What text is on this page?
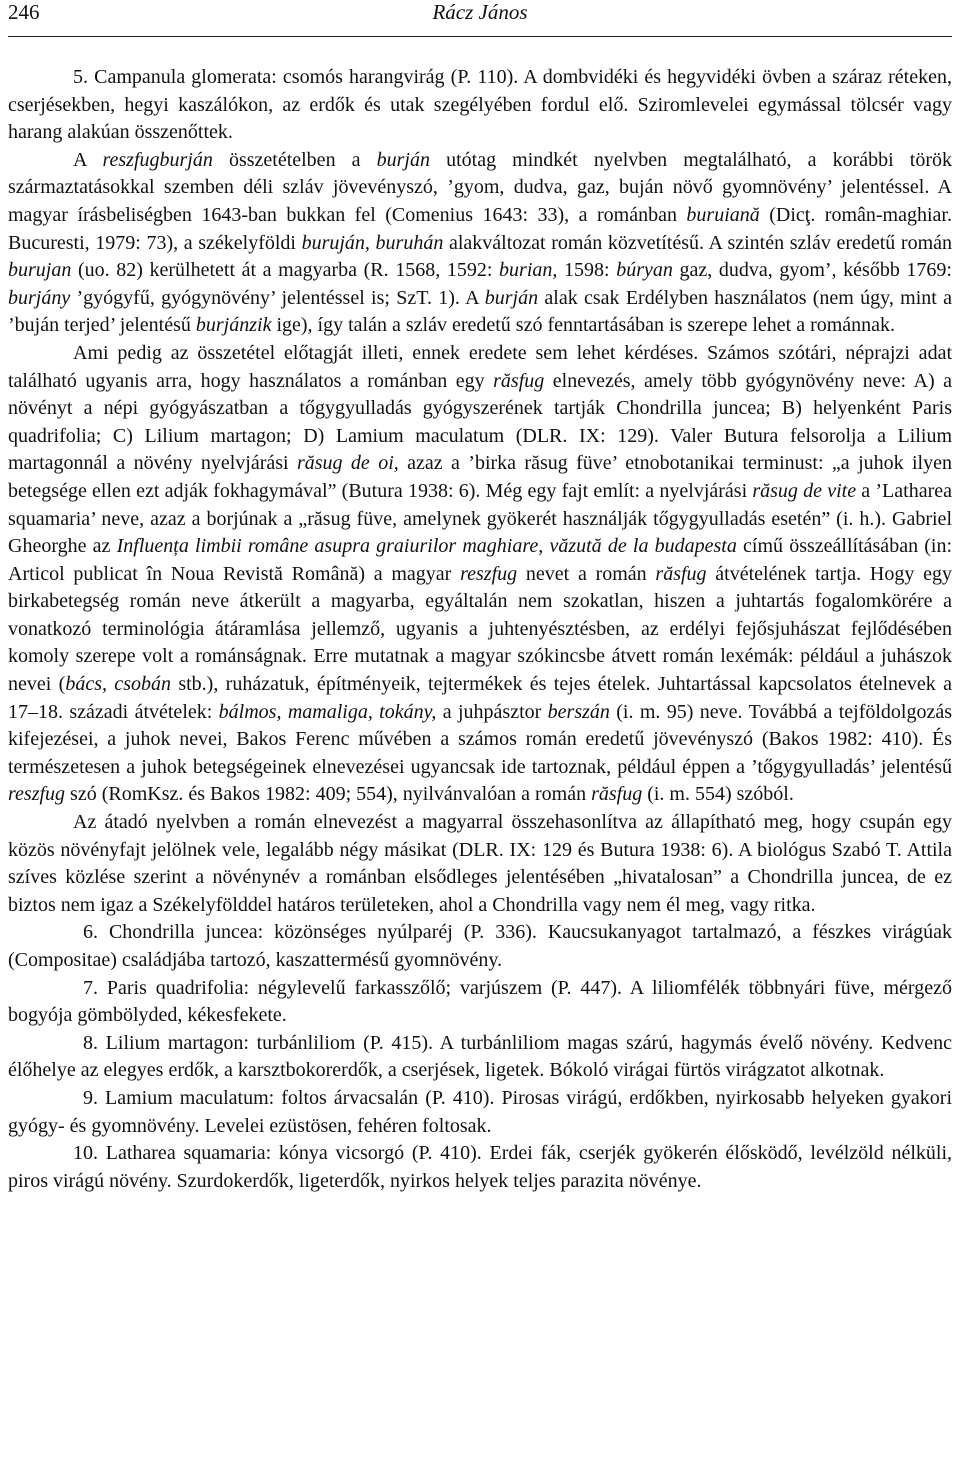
246	Rácz János

5. Campanula glomerata: csomós harangvirág (P. 110). A dombvidéki és hegyvidéki övben a száraz réteken, cserjésekben, hegyi kaszálókon, az erdők és utak szegélyében fordul elő. Sziromlevelei egymással tölcsér vagy harang alakúan összenőttek.

A reszfugburján összetételben a burján utótag mindkét nyelvben megtalálható, a korábbi török származtatásokkal szemben déli szláv jövevényszó, ’gyom, dudva, gaz, buján növő gyomnövény’ jelentéssel. A magyar írásbeliségben 1643-ban bukkan fel (Comenius 1643: 33), a románban buruiană (Dicţ. român-maghiar. Bucuresti, 1979: 73), a székelyföldi buruján, buruhán alakváltozat román közvetítésű. A szintén szláv eredetű román burujan (uo. 82) kerülhetett át a magyarba (R. 1568, 1592: burian, 1598: búryan gaz, dudva, gyom’, később 1769: burjány ’gyógyfű, gyógynövény’ jelentéssel is; SzT. 1). A burján alak csak Erdélyben használatos (nem úgy, mint a ’buján terjed’ jelentésű burjánzik ige), így talán a szláv eredetű szó fenntartásában is szerepe lehet a románnak.

Ami pedig az összetétel előtagját illeti, ennek eredete sem lehet kérdéses. Számos szótári, néprajzi adat található ugyanis arra, hogy használatos a románban egy răsfug elnevezés, amely több gyógynövény neve: A) a növényt a népi gyógyászatban a tőgygyulladás gyógyszerének tartják Chondrilla juncea; B) helyenként Paris quadrifolia; C) Lilium martagon; D) Lamium maculatum (DLR. IX: 129). Valer Butura felsorolja a Lilium martagonnál a növény nyelvjárási răsug de oi, azaz a ’birka răsug füve’ etnobotanikai terminust: „a juhok ilyen betegsége ellen ezt adják fokhagymával” (Butura 1938: 6). Még egy fajt említ: a nyelvjárási răsug de vite a ’Latharea squamaria’ neve, azaz a borjúnak a „răsug füve, amelynek gyökerét használják tőgygyulladás esetén” (i. h.). Gabriel Gheorghe az Influența limbii române asupra graiurilor maghiare, văzută de la budapesta című összeállításában (in: Articol publicat în Noua Revistă Română) a magyar reszfug nevet a román răsfug átvételének tartja. Hogy egy birkabetegség román neve átkerült a magyarba, egyáltalán nem szokatlan, hiszen a juhtartás fogalomkörére a vonatkozó terminológia átáramlása jellemző, ugyanis a juhtenyésztésben, az erdélyi fejősjuhászat fejlődésében komoly szerepe volt a románságnak. Erre mutatnak a magyar szókincsbe átvett román lexémák: például a juhászok nevei (bács, csobán stb.), ruházatuk, építményeik, tejtermékek és tejes ételek. Juhtartással kapcsolatos ételnevek a 17–18. századi átvételek: bálmos, mamaliga, tokány, a juhpásztor berszán (i. m. 95) neve. Továbbá a tejföldolgozás kifejezései, a juhok nevei, Bakos Ferenc művében a számos román eredetű jövevényszó (Bakos 1982: 410). És természetesen a juhok betegségeinek elnevezései ugyancsak ide tartoznak, például éppen a ’tőgygyulladás’ jelentésű reszfug szó (RomKsz. és Bakos 1982: 409; 554), nyilvánvalóan a román răsfug (i. m. 554) szóból.

Az átadó nyelvben a román elnevezést a magyarral összehasonlítva az állapítható meg, hogy csupán egy közös növényfajt jelölnek vele, legalább négy másikat (DLR. IX: 129 és Butura 1938: 6). A biológus Szabó T. Attila szíves közlése szerint a növénynév a románban elsődleges jelentésében „hivatalosan” a Chondrilla juncea, de ez biztos nem igaz a Székelyfölddel határos területeken, ahol a Chondrilla vagy nem él meg, vagy ritka.

6. Chondrilla juncea: közönséges nyúlparéj (P. 336). Kaucsukanyagot tartalmazó, a fészkes virágúak (Compositae) családjába tartozó, kaszattermésű gyomnövény.

7. Paris quadrifolia: négylevelű farkasszőlő; varjúszem (P. 447). A liliomfélék többnyári füve, mérgező bogyója gömbölyded, kékesfekete.

8. Lilium martagon: turbánliliom (P. 415). A turbánliliom magas szárú, hagymás évelő növény. Kedvenc élőhelye az elegyes erdők, a karsztbokorerdők, a cserjések, ligetek. Bókoló virágai fürtös virágzatot alkotnak.

9. Lamium maculatum: foltos árvacsalán (P. 410). Pirosas virágú, erdőkben, nyirkosabb helyeken gyakori gyógy- és gyomnövény. Levelei ezüstösen, fehéren foltosak.

10. Latharea squamaria: kónya vicsorgó (P. 410). Erdei fák, cserjék gyökerén élősködő, levélzöld nélküli, piros virágú növény. Szurdokerdők, ligeterdők, nyirkos helyek teljes parazita növénye.
